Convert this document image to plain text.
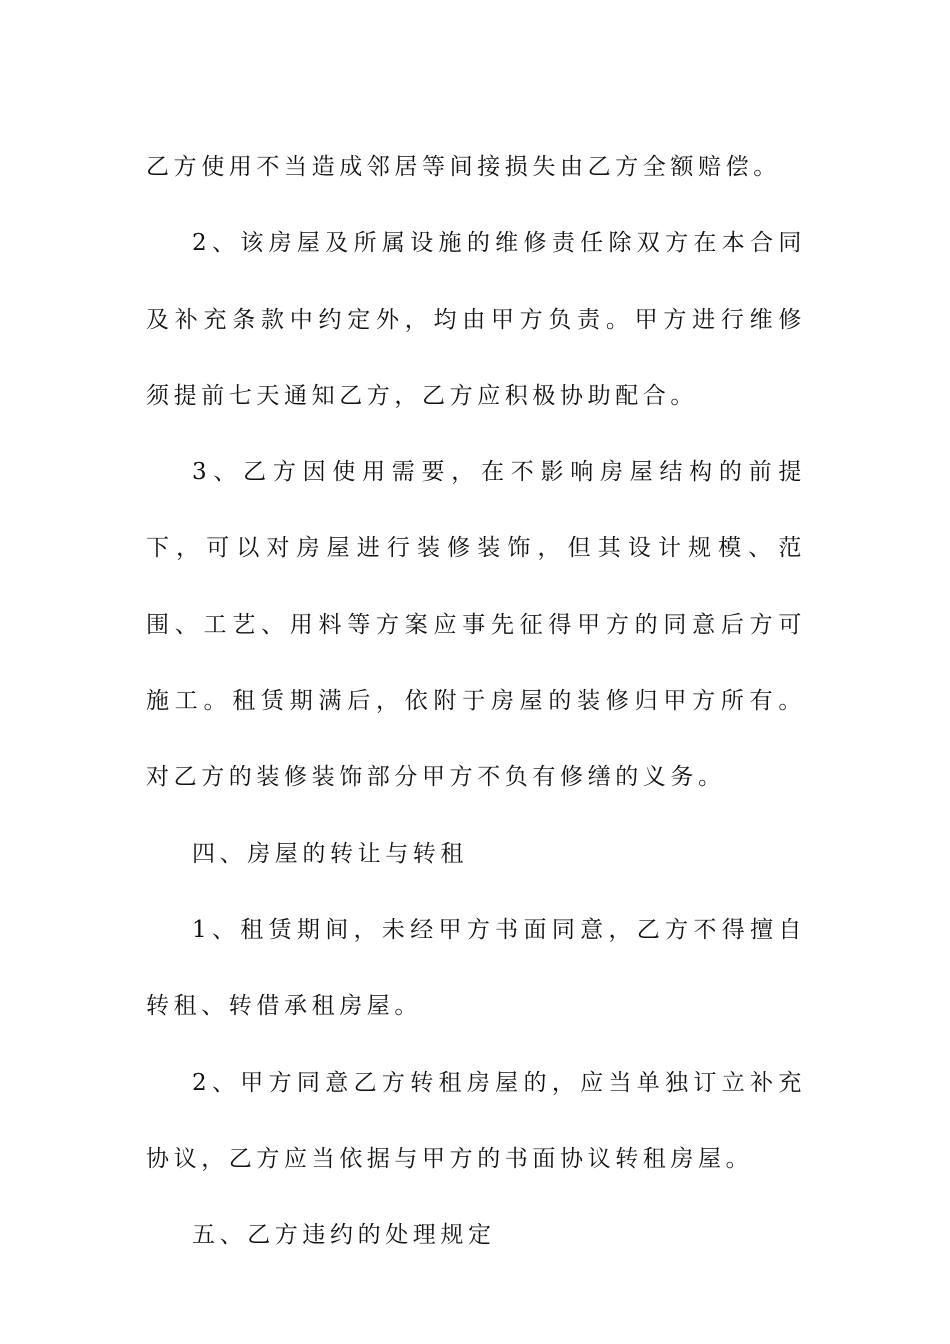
乙方使用不当造成邻居等间接损失由乙方全额赔偿。

2、该房屋及所属设施的维修责任除双方在本合同及补充条款中约定外，均由甲方负责。甲方进行维修须提前七天通知乙方，乙方应积极协助配合。

3、乙方因使用需要，在不影响房屋结构的前提下，可以对房屋进行装修装饰，但其设计规模、范围、工艺、用料等方案应事先征得甲方的同意后方可施工。租赁期满后，依附于房屋的装修归甲方所有。对乙方的装修装饰部分甲方不负有修缮的义务。

四、房屋的转让与转租

1、租赁期间，未经甲方书面同意，乙方不得擅自转租、转借承租房屋。

2、甲方同意乙方转租房屋的，应当单独订立补充协议，乙方应当依据与甲方的书面协议转租房屋。

五、乙方违约的处理规定
